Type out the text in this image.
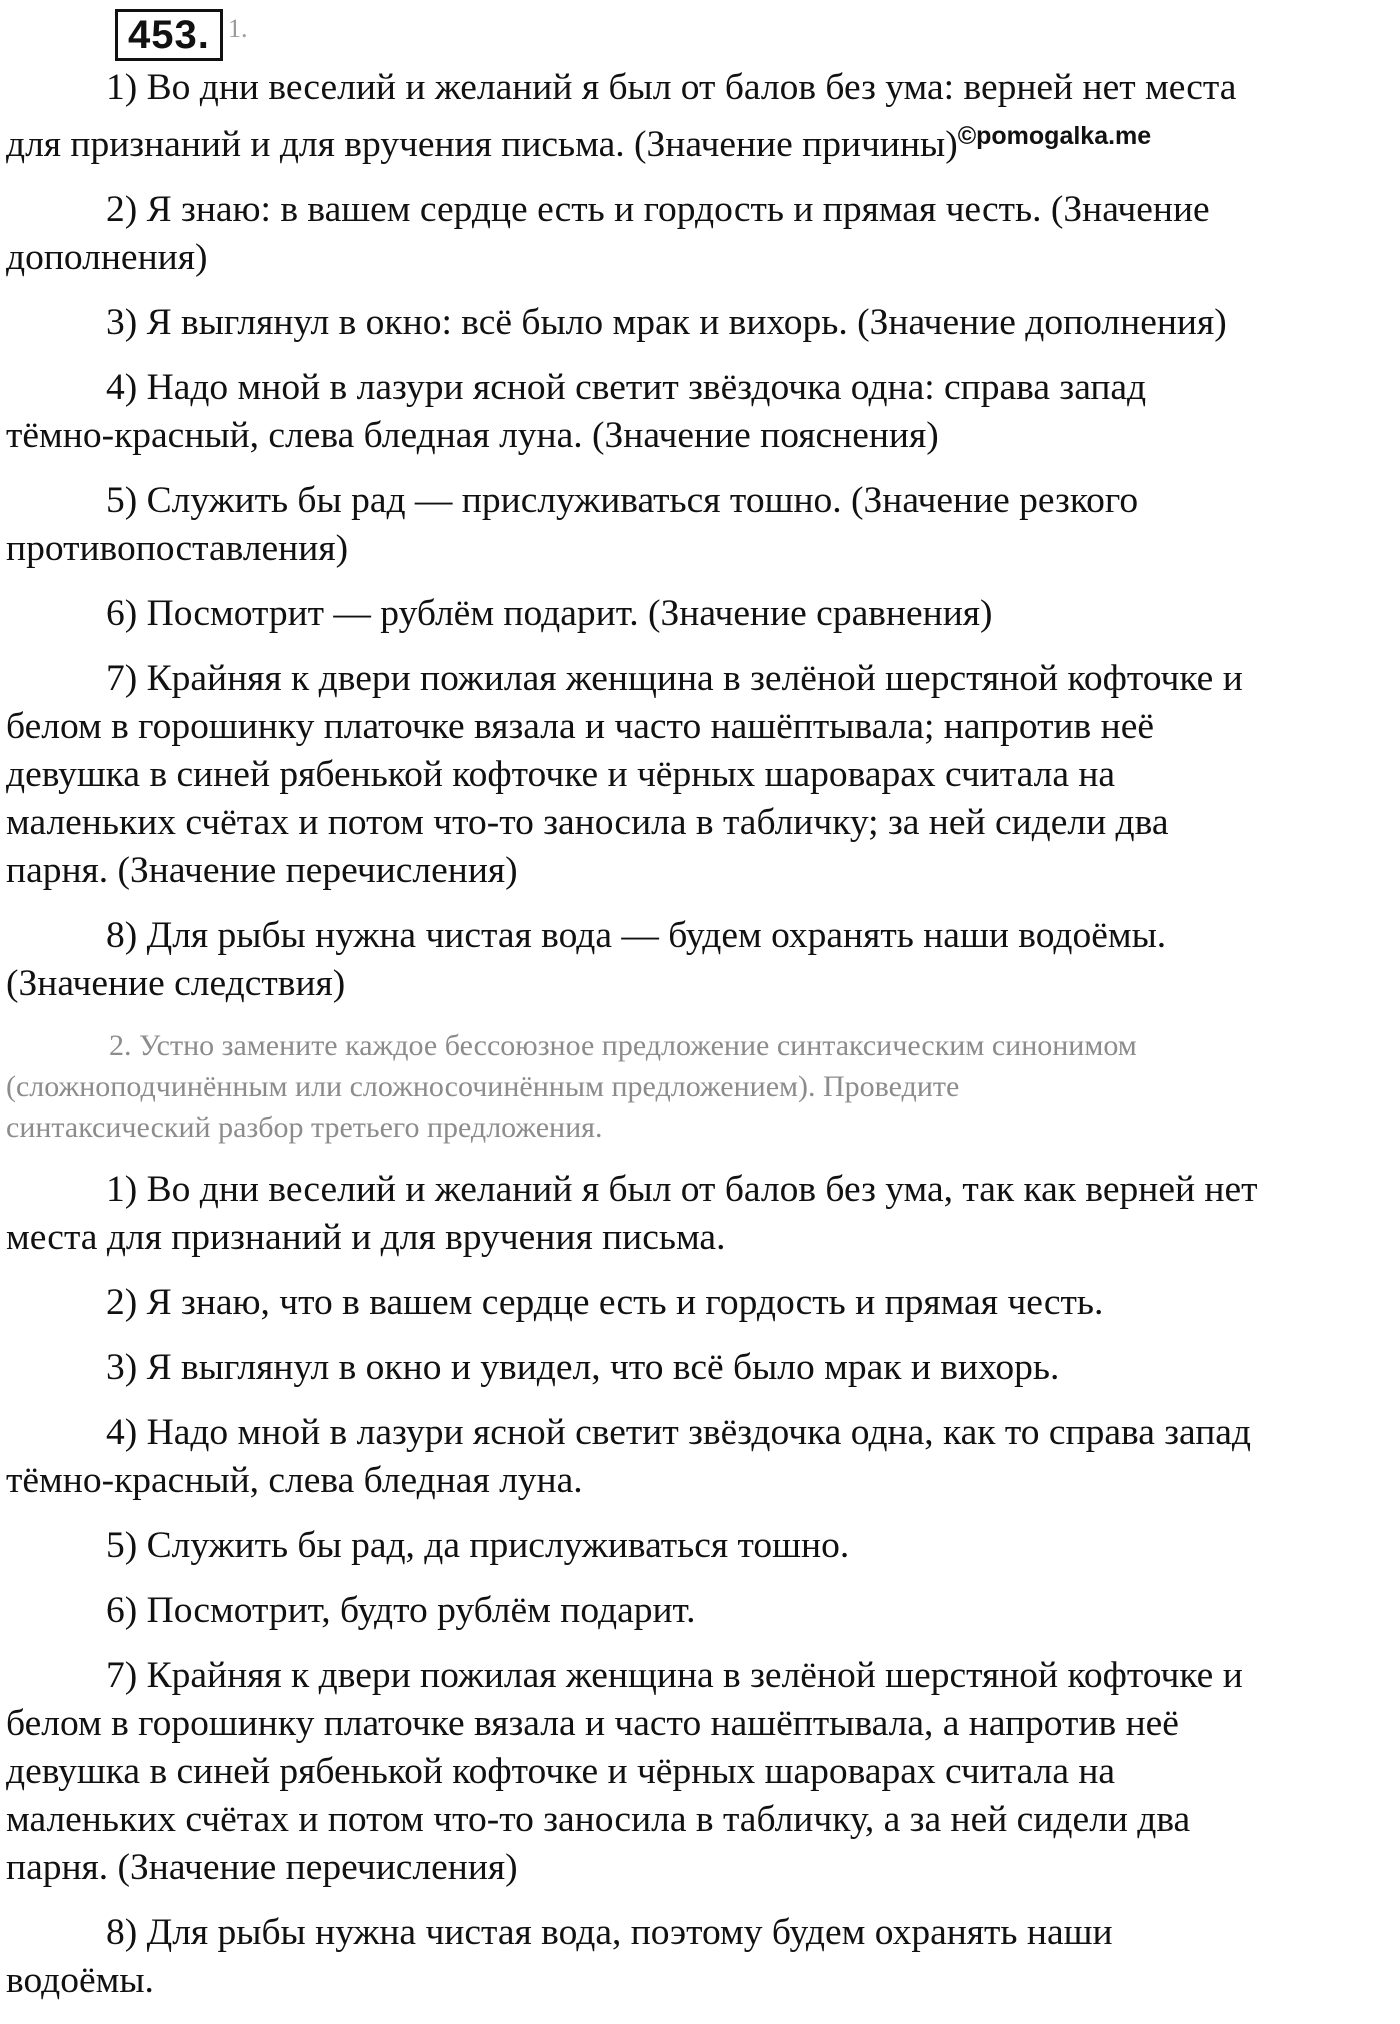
453. 1.
1) Во дни веселий и желаний я был от балов без ума: верней нет места
для признаний и для вручения письма. (Значение причины)$^{©pomogalka.me}$
2) Я знаю: в вашем сердце есть и гордость и прямая честь. (Значение
дополнения)
3) Я выглянул в окно: всё было мрак и вихорь. (Значение дополнения)
4) Надо мной в лазури ясной светит звёздочка одна: справа запад
тёмно-красный, слева бледная луна. (Значение пояснения)
5) Служить бы рад — прислуживаться тошно. (Значение резкого
противопоставления)
6) Посмотрит — рублём подарит. (Значение сравнения)
7) Крайняя к двери пожилая женщина в зелёной шерстяной кофточке и
белом в горошинку платочке вязала и часто нашёптывала; напротив неё
девушка в синей рябенькой кофточке и чёрных шароварах считала на
маленьких счётах и потом что-то заносила в табличку; за ней сидели два
парня. (Значение перечисления)
8) Для рыбы нужна чистая вода — будем охранять наши водоёмы.
(Значение следствия)
2. Устно замените каждое бессоюзное предложение синтаксическим синонимом
(сложноподчинённым или сложносочинённым предложением). Проведите
синтаксический разбор третьего предложения.
1) Во дни веселий и желаний я был от балов без ума, так как верней нет
места для признаний и для вручения письма.
2) Я знаю, что в вашем сердце есть и гордость и прямая честь.
3) Я выглянул в окно и увидел, что всё было мрак и вихорь.
4) Надо мной в лазури ясной светит звёздочка одна, как то справа запад
тёмно-красный, слева бледная луна.
5) Служить бы рад, да прислуживаться тошно.
6) Посмотрит, будто рублём подарит.
7) Крайняя к двери пожилая женщина в зелёной шерстяной кофточке и
белом в горошинку платочке вязала и часто нашёптывала, а напротив неё
девушка в синей рябенькой кофточке и чёрных шароварах считала на
маленьких счётах и потом что-то заносила в табличку, а за ней сидели два
парня. (Значение перечисления)
8) Для рыбы нужна чистая вода, поэтому будем охранять наши
водоёмы.
